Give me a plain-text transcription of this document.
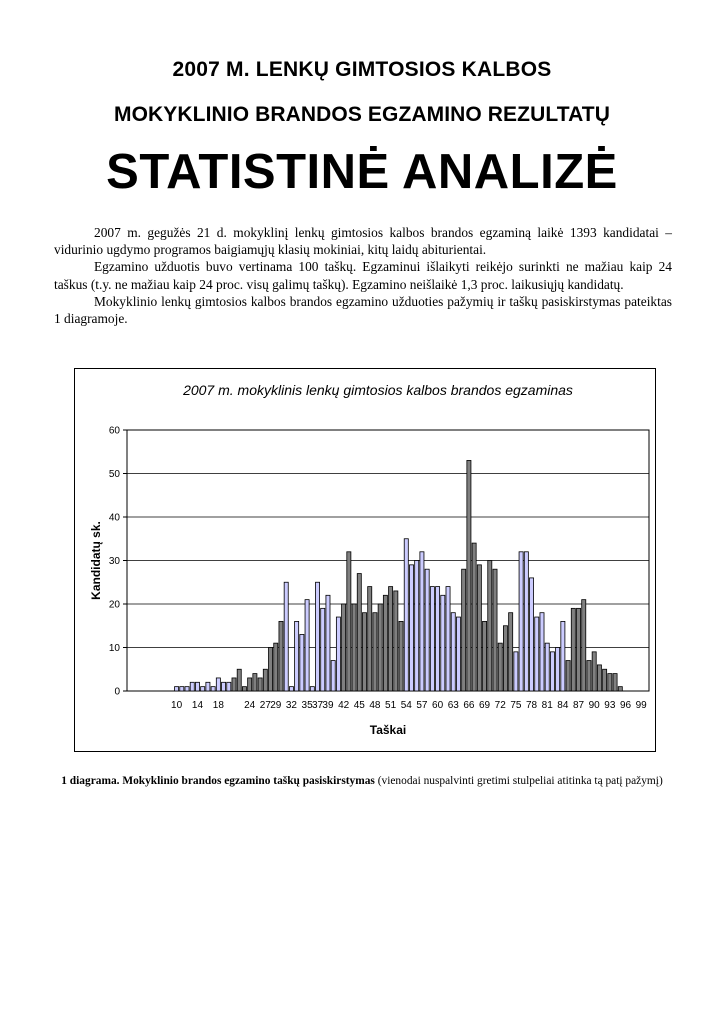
2007 M. LENKŲ GIMTOSIOS KALBOS
MOKYKLINIO BRANDOS EGZAMINO REZULTATŲ
STATISTINĖ ANALIZĖ

2007 m. gegužės 21 d. mokyklinį lenkų gimtosios kalbos brandos egzaminą laikė 1393 kandidatai – vidurinio ugdymo programos baigiamųjų klasių mokiniai, kitų laidų abiturientai.

Egzamino užduotis buvo vertinama 100 taškų. Egzaminui išlaikyti reikėjo surinkti ne mažiau kaip 24 taškus (t.y. ne mažiau kaip 24 proc. visų galimų taškų). Egzamino neišlaikė 1,3 proc. laikusiųjų kandidatų.

Mokyklinio lenkų gimtosios kalbos brandos egzamino užduoties pažymių ir taškų pasiskirstymas pateiktas 1 diagramoje.

2007 m. mokyklinis lenkų gimtosios kalbos brandos egzaminas
0
10
20
30
40
50
60
10 14 18 24 27 29 32 35 37 39 42 45 48 51 54 57 60 63 66 69 72 75 78 81 84 87 90 93 96 99
Taškai
Kandidatų sk.
1 diagrama. Mokyklinio brandos egzamino taškų pasiskirstymas (vienodai nuspalvinti gretimi stulpeliai atitinka tą patį pažymį)
